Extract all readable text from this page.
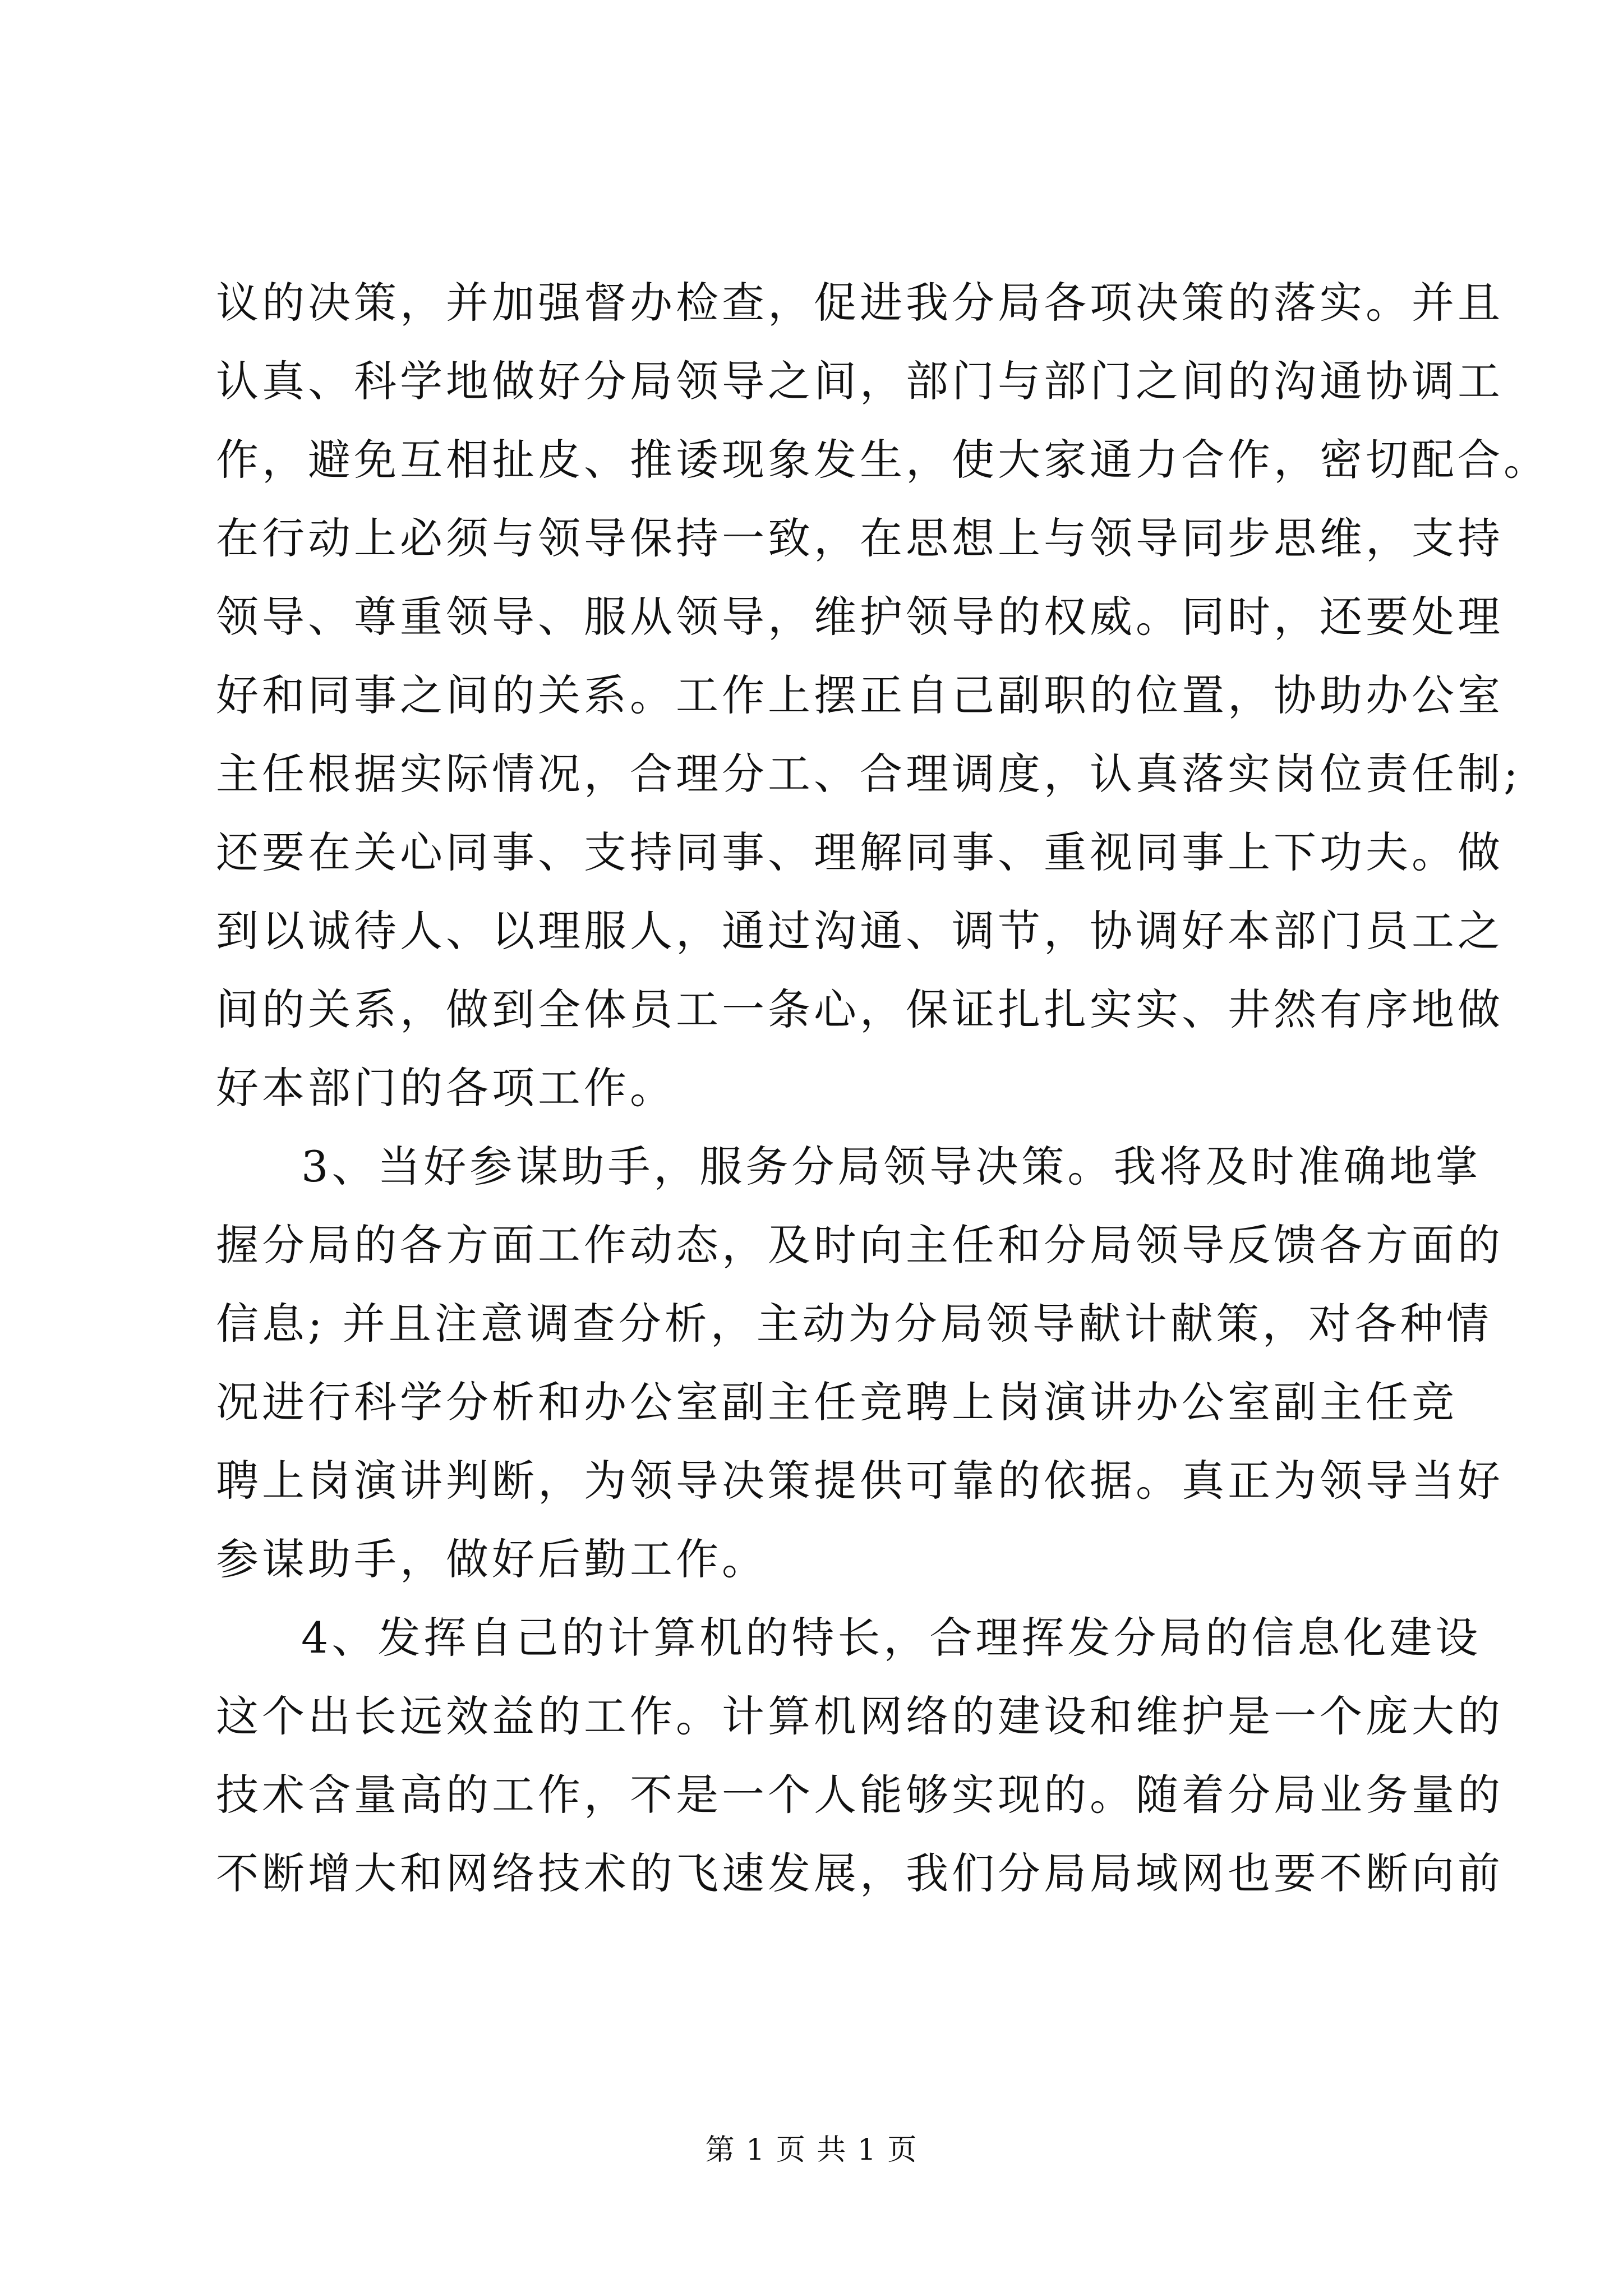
议的决策，并加强督办检查，促进我分局各项决策的落实。并且
认真、科学地做好分局领导之间，部门与部门之间的沟通协调工
作，避免互相扯皮、推诿现象发生，使大家通力合作，密切配合。
在行动上必须与领导保持一致，在思想上与领导同步思维，支持
领导、尊重领导、服从领导，维护领导的权威。同时，还要处理
好和同事之间的关系。工作上摆正自己副职的位置，协助办公室
主任根据实际情况，合理分工、合理调度，认真落实岗位责任制;
还要在关心同事、支持同事、理解同事、重视同事上下功夫。做
到以诚待人、以理服人，通过沟通、调节，协调好本部门员工之
间的关系，做到全体员工一条心，保证扎扎实实、井然有序地做
好本部门的各项工作。
3、当好参谋助手，服务分局领导决策。我将及时准确地掌
握分局的各方面工作动态，及时向主任和分局领导反馈各方面的
信息; 并且注意调查分析，主动为分局领导献计献策，对各种情
况进行科学分析和办公室副主任竞聘上岗演讲办公室副主任竞
聘上岗演讲判断，为领导决策提供可靠的依据。真正为领导当好
参谋助手，做好后勤工作。
4、发挥自己的计算机的特长，合理挥发分局的信息化建设
这个出长远效益的工作。计算机网络的建设和维护是一个庞大的
技术含量高的工作，不是一个人能够实现的。随着分局业务量的
不断增大和网络技术的飞速发展，我们分局局域网也要不断向前
第 1 页 共 1 页
